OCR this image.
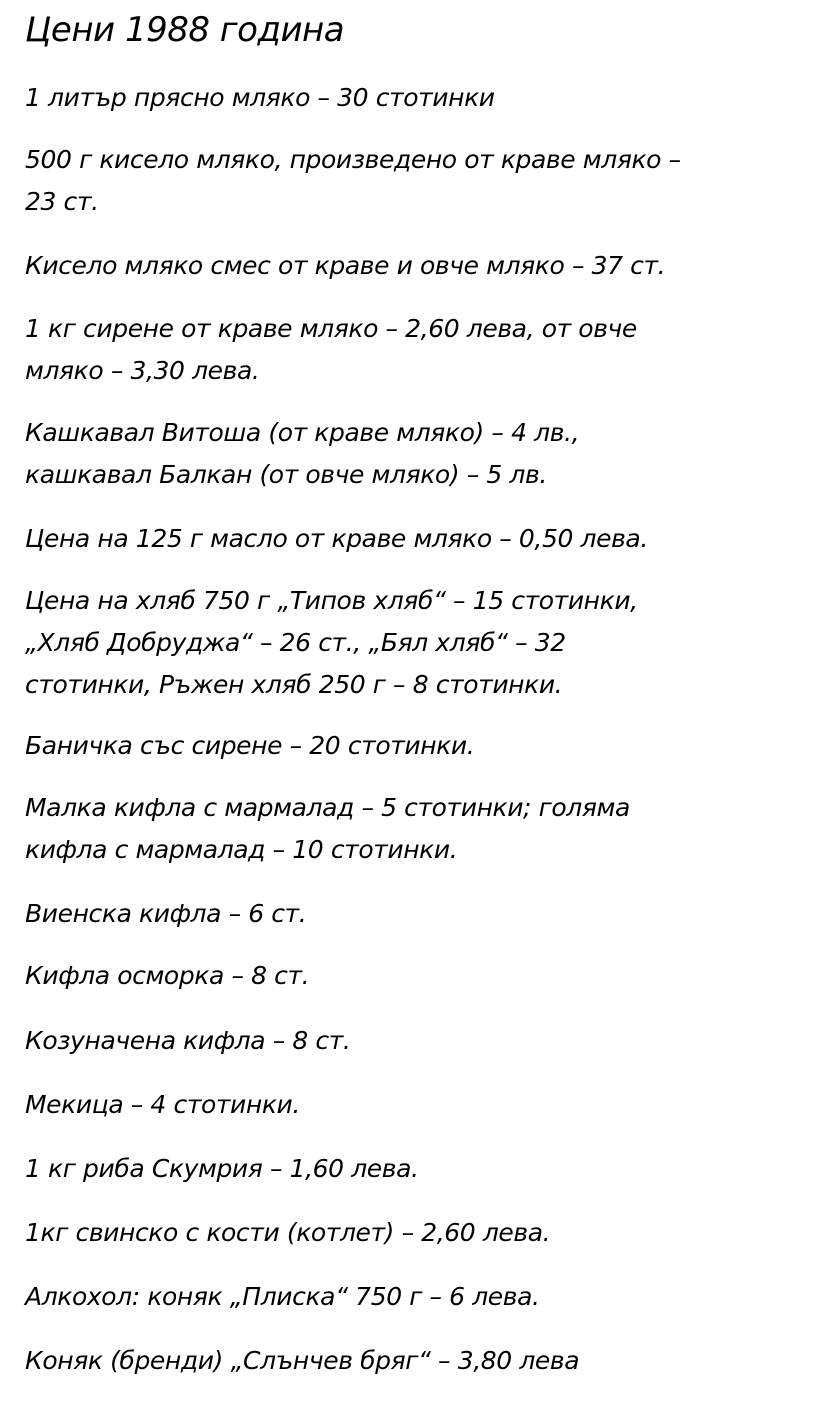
Цени 1988 година
1 литър прясно мляко – 30 стотинки
500 г кисело мляко, произведено от краве мляко –
23 ст.
Кисело мляко смес от краве и овче мляко – 37 ст.
1 кг сирене от краве мляко – 2,60 лева, от овче
мляко – 3,30 лева.
Кашкавал Витоша (от краве мляко) – 4 лв.,
кашкавал Балкан (от овче мляко) – 5 лв.
Цена на 125 г масло от краве мляко – 0,50 лева.
Цена на хляб 750 г „Типов хляб“ – 15 стотинки,
„Хляб Добруджа“ – 26 ст., „Бял хляб“ – 32
стотинки, Ръжен хляб 250 г – 8 стотинки.
Баничка със сирене – 20 стотинки.
Малка кифла с мармалад – 5 стотинки; голяма
кифла с мармалад – 10 стотинки.
Виенска кифла – 6 ст.
Кифла осморка – 8 ст.
Козуначена кифла – 8 ст.
Мекица – 4 стотинки.
1 кг риба Скумрия – 1,60 лева.
1кг свинско с кости (котлет) – 2,60 лева.
Алкохол: коняк „Плиска“ 750 г – 6 лева.
Коняк (бренди) „Слънчев бряг“ – 3,80 лева
